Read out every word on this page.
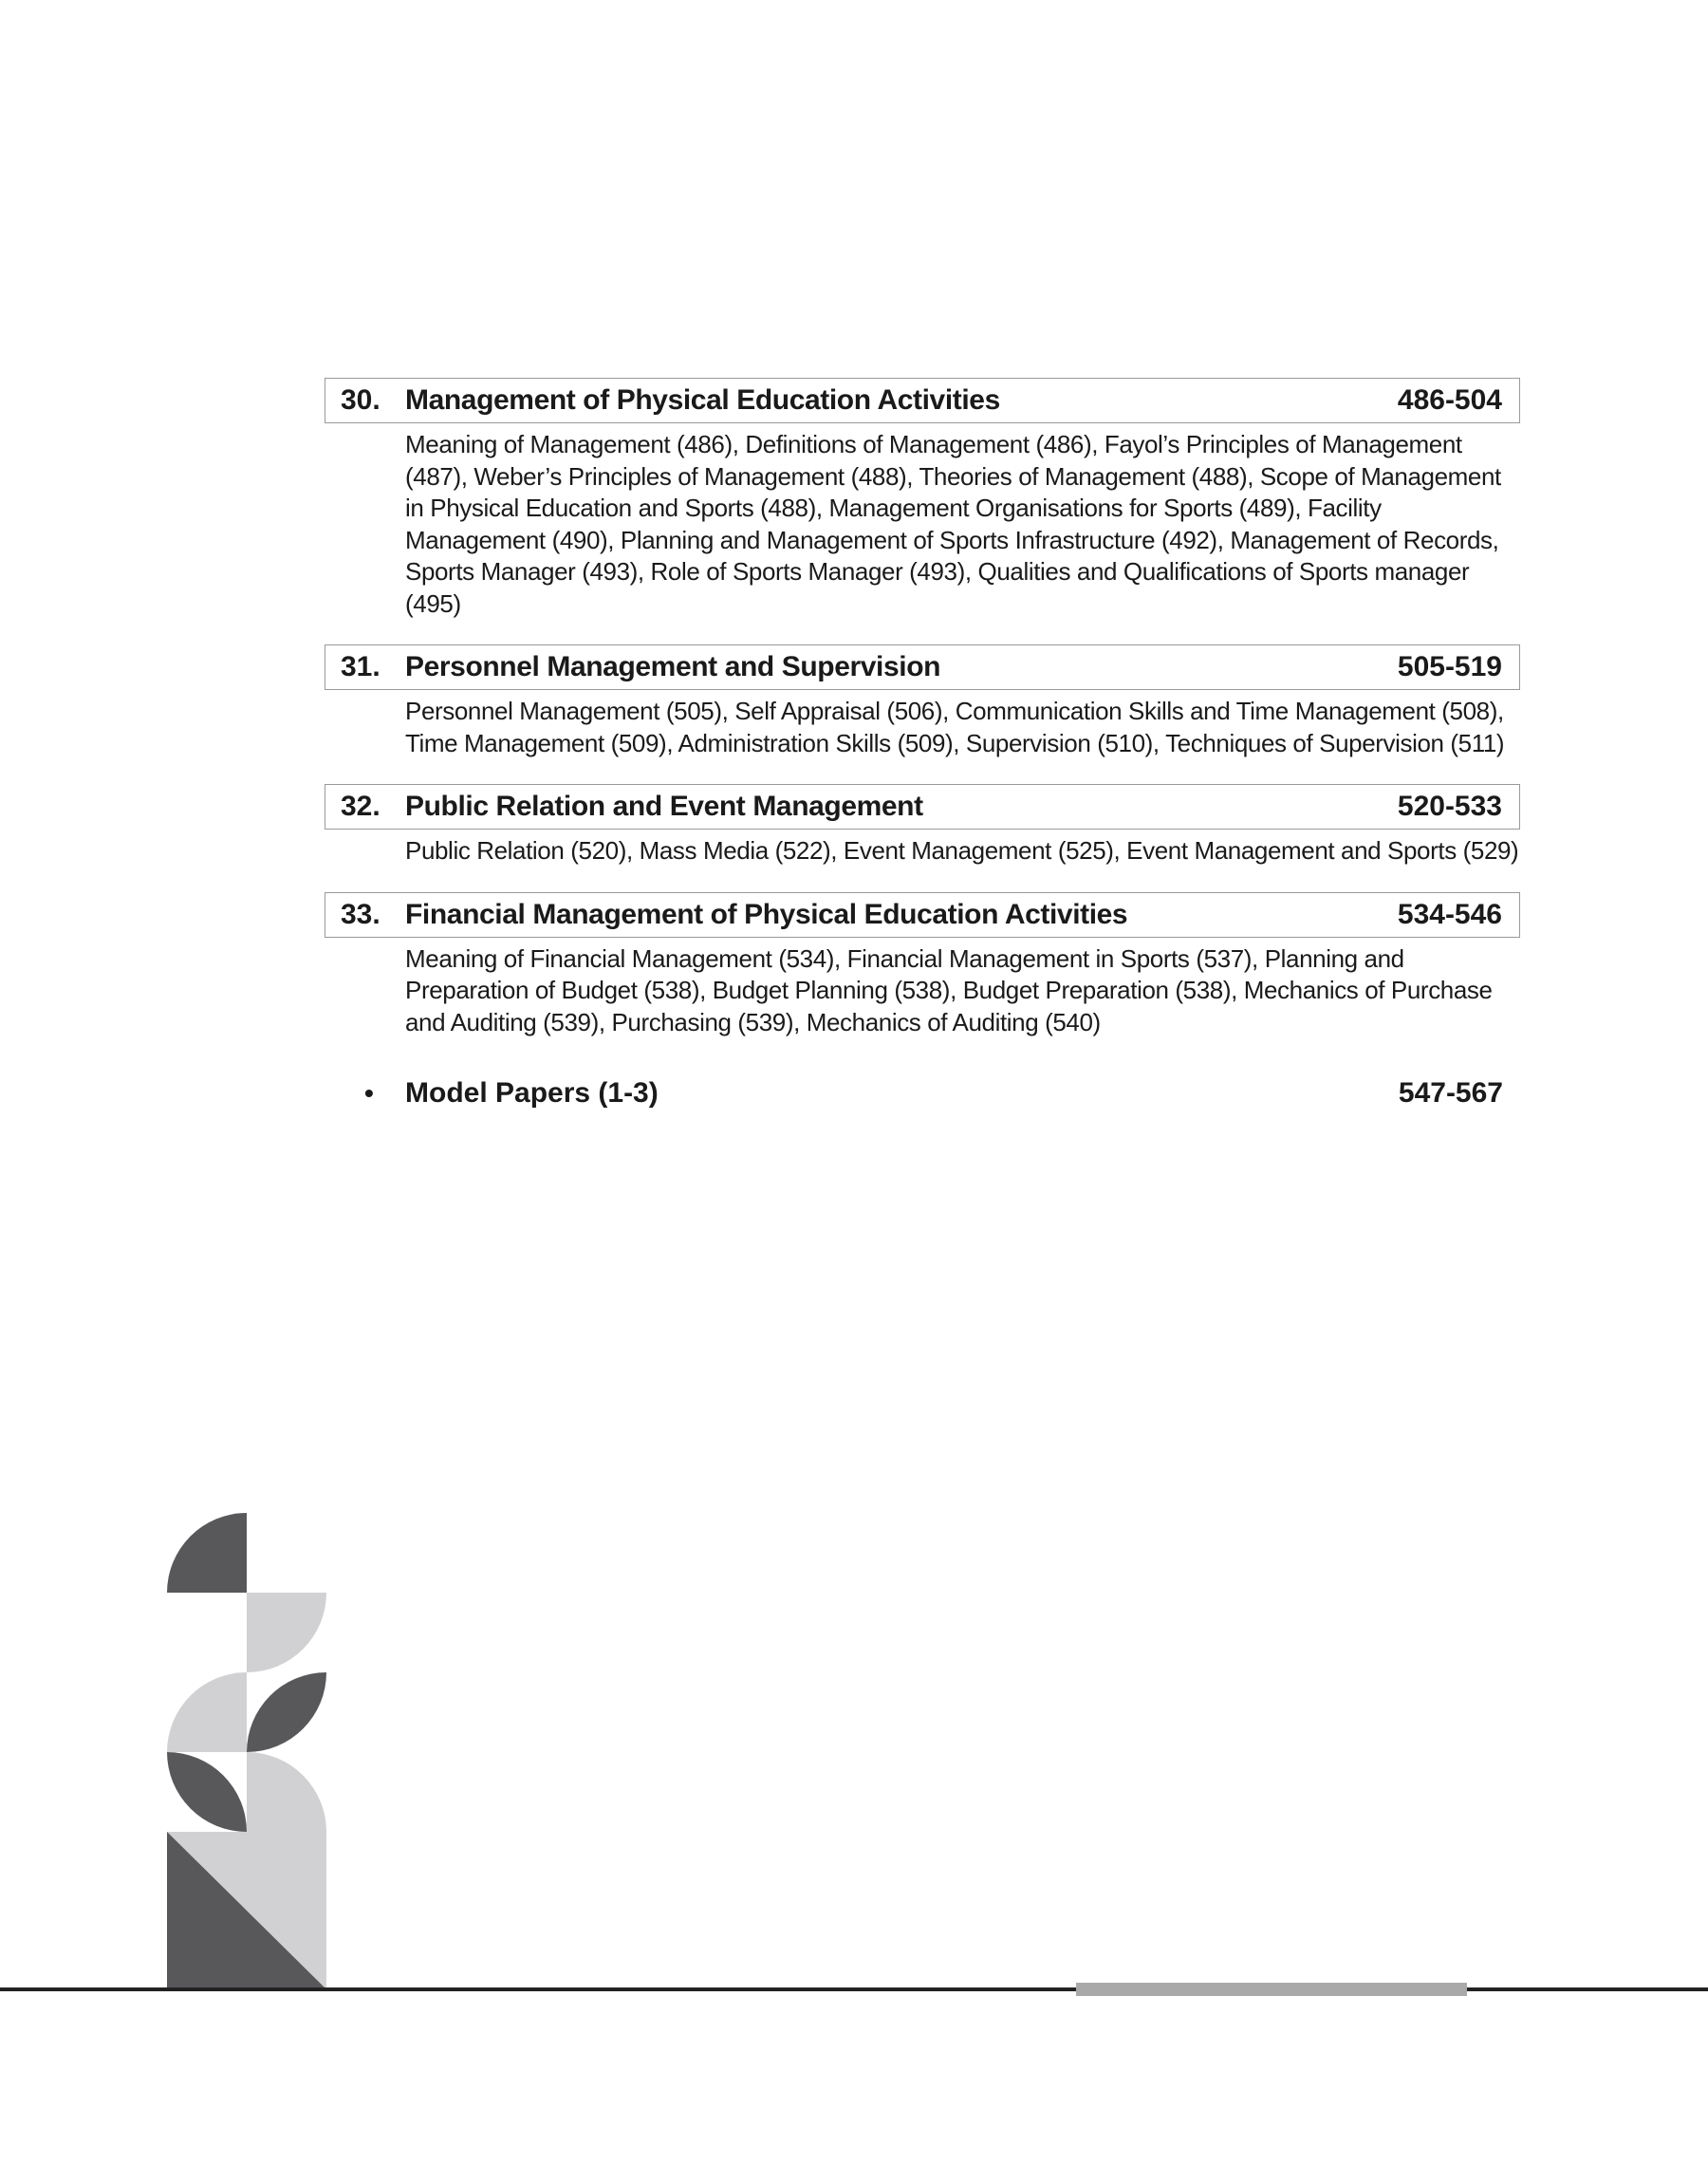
30. Management of Physical Education Activities	486-504
Meaning of Management (486), Definitions of Management (486), Fayol’s Principles of Management (487), Weber’s Principles of Management (488), Theories of Management (488), Scope of Management in Physical Education and Sports (488), Management Organisations for Sports (489), Facility Management (490), Planning and Management of Sports Infrastructure (492), Management of Records, Sports Manager (493), Role of Sports Manager (493), Qualities and Qualifications of Sports manager (495)
31. Personnel Management and Supervision	505-519
Personnel Management (505), Self Appraisal (506), Communication Skills and Time Management (508), Time Management (509), Administration Skills (509), Supervision (510), Techniques of Supervision (511)
32. Public Relation and Event Management	520-533
Public Relation (520), Mass Media (522), Event Management (525), Event Management and Sports (529)
33. Financial Management of Physical Education Activities	534-546
Meaning of Financial Management (534), Financial Management in Sports (537), Planning and Preparation of Budget (538), Budget Planning (538), Budget Preparation (538), Mechanics of Purchase and Auditing (539), Purchasing (539), Mechanics of Auditing (540)
•	Model Papers (1-3)	547-567
